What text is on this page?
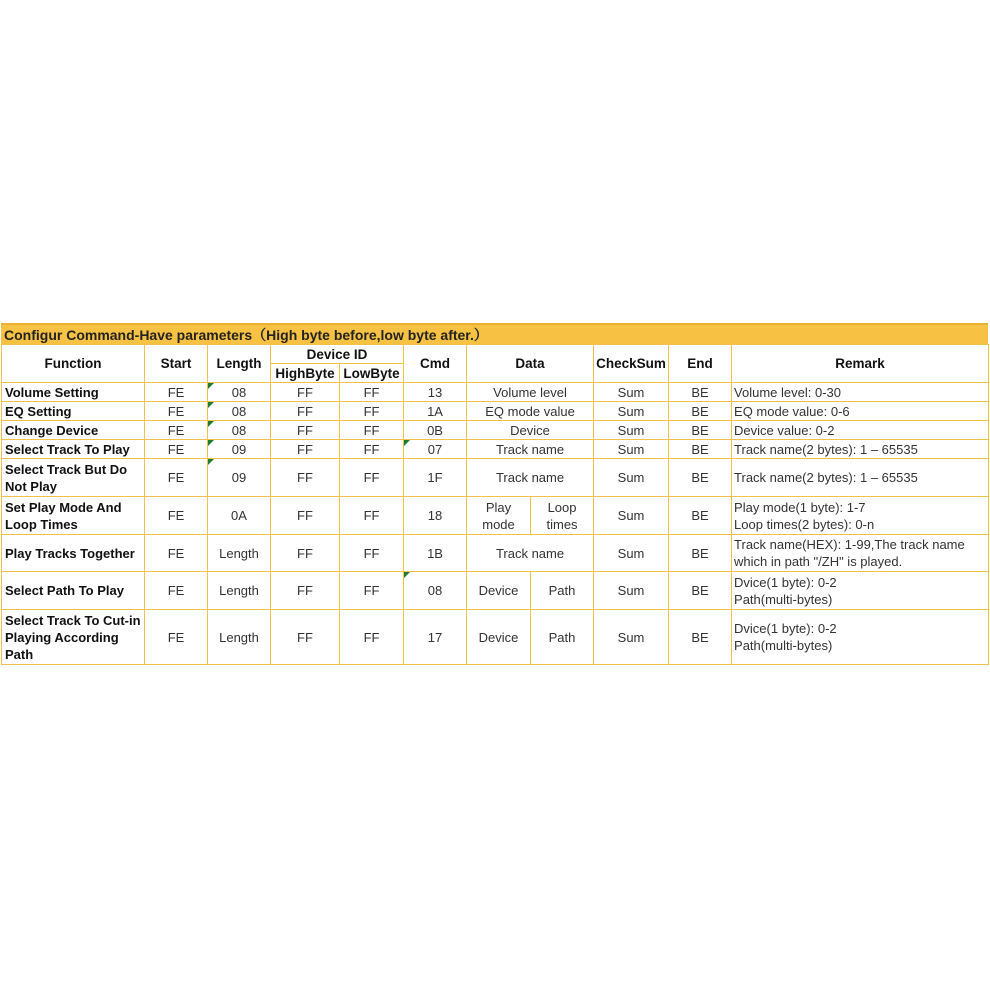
Configur Command-Have parameters（High byte before,low byte after.）
Function	Start	Length	Device ID		Cmd	Data		CheckSum	End	Remark
			HighByte	LowByte						
Volume Setting	FE	08	FF	FF	13	Volume level		Sum	BE	Volume level: 0-30

EQ Setting	FE	08	FF	FF	1A	EQ mode value		Sum	BE	EQ mode value: 0-6

Change Device	FE	08	FF	FF	0B	Device		Sum	BE	Device value: 0-2

Select Track To Play	FE	09	FF	FF	07	Track name		Sum	BE	Track name(2 bytes): 1 – 65535

Select Track But Do Not Play	FE	09	FF	FF	1F	Track name		Sum	BE	Track name(2 bytes): 1 – 65535

Set Play Mode And Loop Times	FE	0A	FF	FF	18	Play mode	Loop times	Sum	BE	Play mode(1 byte): 1-7
Loop times(2 bytes): 0-n

Play Tracks Together	FE	Length	FF	FF	1B	Track name		Sum	BE	Track name(HEX): 1-99,The track name
which in path "/ZH" is played.

Select Path To Play	FE	Length	FF	FF	08	Device	Path	Sum	BE	Dvice(1 byte): 0-2
Path(multi-bytes)

Select Track To Cut-in Playing According Path	FE	Length	FF	FF	17	Device	Path	Sum	BE	Dvice(1 byte): 0-2
Path(multi-bytes)
